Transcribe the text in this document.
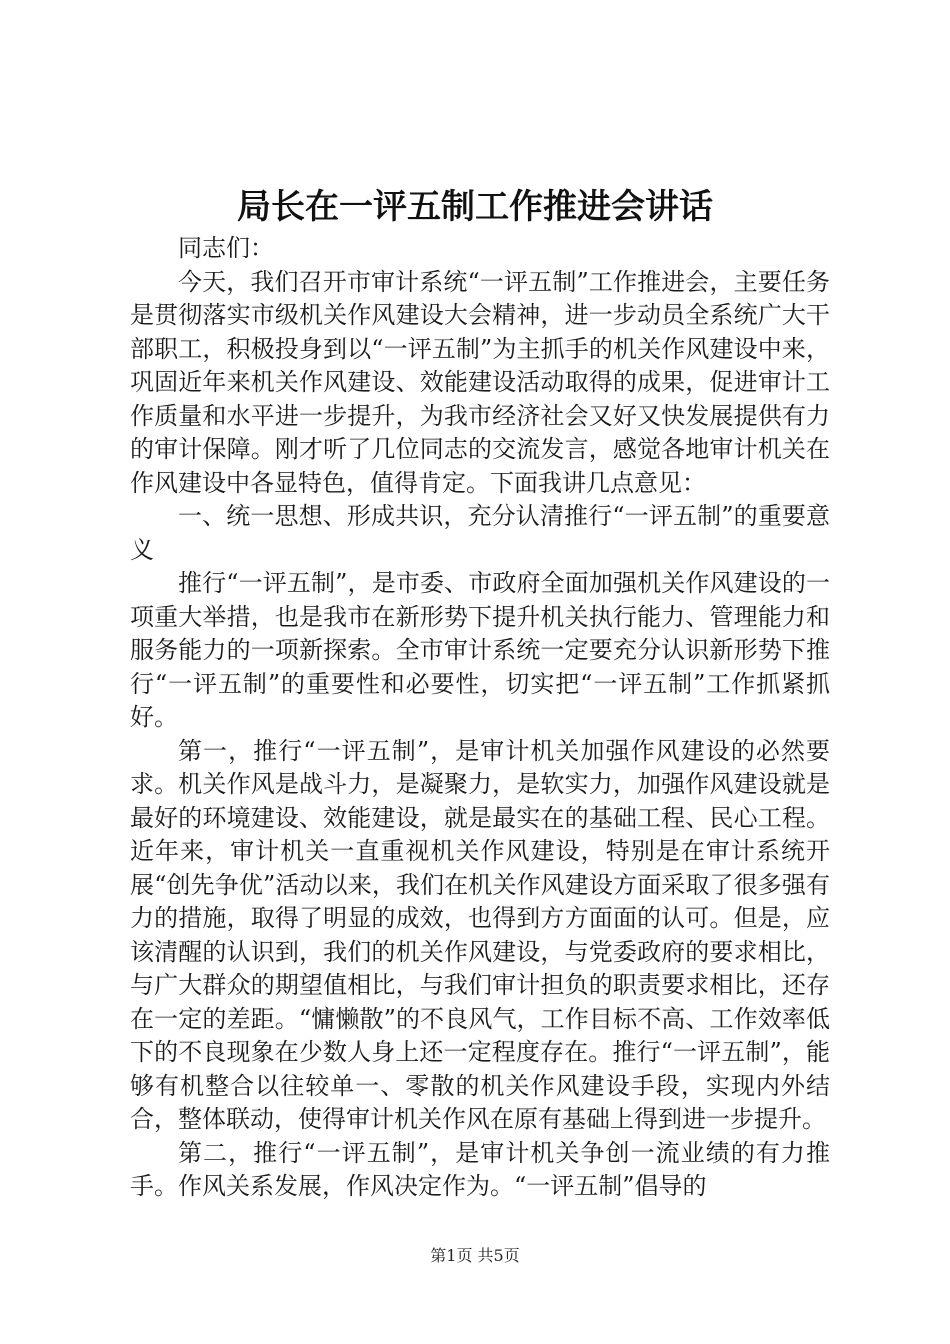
局长在一评五制工作推进会讲话

同志们：

今天，我们召开市审计系统“一评五制”工作推进会，主要任务是贯彻落实市级机关作风建设大会精神，进一步动员全系统广大干部职工，积极投身到以“一评五制”为主抓手的机关作风建设中来，巩固近年来机关作风建设、效能建设活动取得的成果，促进审计工作质量和水平进一步提升，为我市经济社会又好又快发展提供有力的审计保障。刚才听了几位同志的交流发言，感觉各地审计机关在作风建设中各显特色，值得肯定。下面我讲几点意见：

一、统一思想、形成共识，充分认清推行“一评五制”的重要意义

推行“一评五制”，是市委、市政府全面加强机关作风建设的一项重大举措，也是我市在新形势下提升机关执行能力、管理能力和服务能力的一项新探索。全市审计系统一定要充分认识新形势下推行“一评五制”的重要性和必要性，切实把“一评五制”工作抓紧抓好。

第一，推行“一评五制”，是审计机关加强作风建设的必然要求。机关作风是战斗力，是凝聚力，是软实力，加强作风建设就是最好的环境建设、效能建设，就是最实在的基础工程、民心工程。近年来，审计机关一直重视机关作风建设，特别是在审计系统开展“创先争优”活动以来，我们在机关作风建设方面采取了很多强有力的措施，取得了明显的成效，也得到方方面面的认可。但是，应该清醒的认识到，我们的机关作风建设，与党委政府的要求相比，与广大群众的期望值相比，与我们审计担负的职责要求相比，还存在一定的差距。“慵懒散”的不良风气，工作目标不高、工作效率低下的不良现象在少数人身上还一定程度存在。推行“一评五制”，能够有机整合以往较单一、零散的机关作风建设手段，实现内外结合，整体联动，使得审计机关作风在原有基础上得到进一步提升。

第二，推行“一评五制”，是审计机关争创一流业绩的有力推手。作风关系发展，作风决定作为。“一评五制”倡导的

第1页 共5页
